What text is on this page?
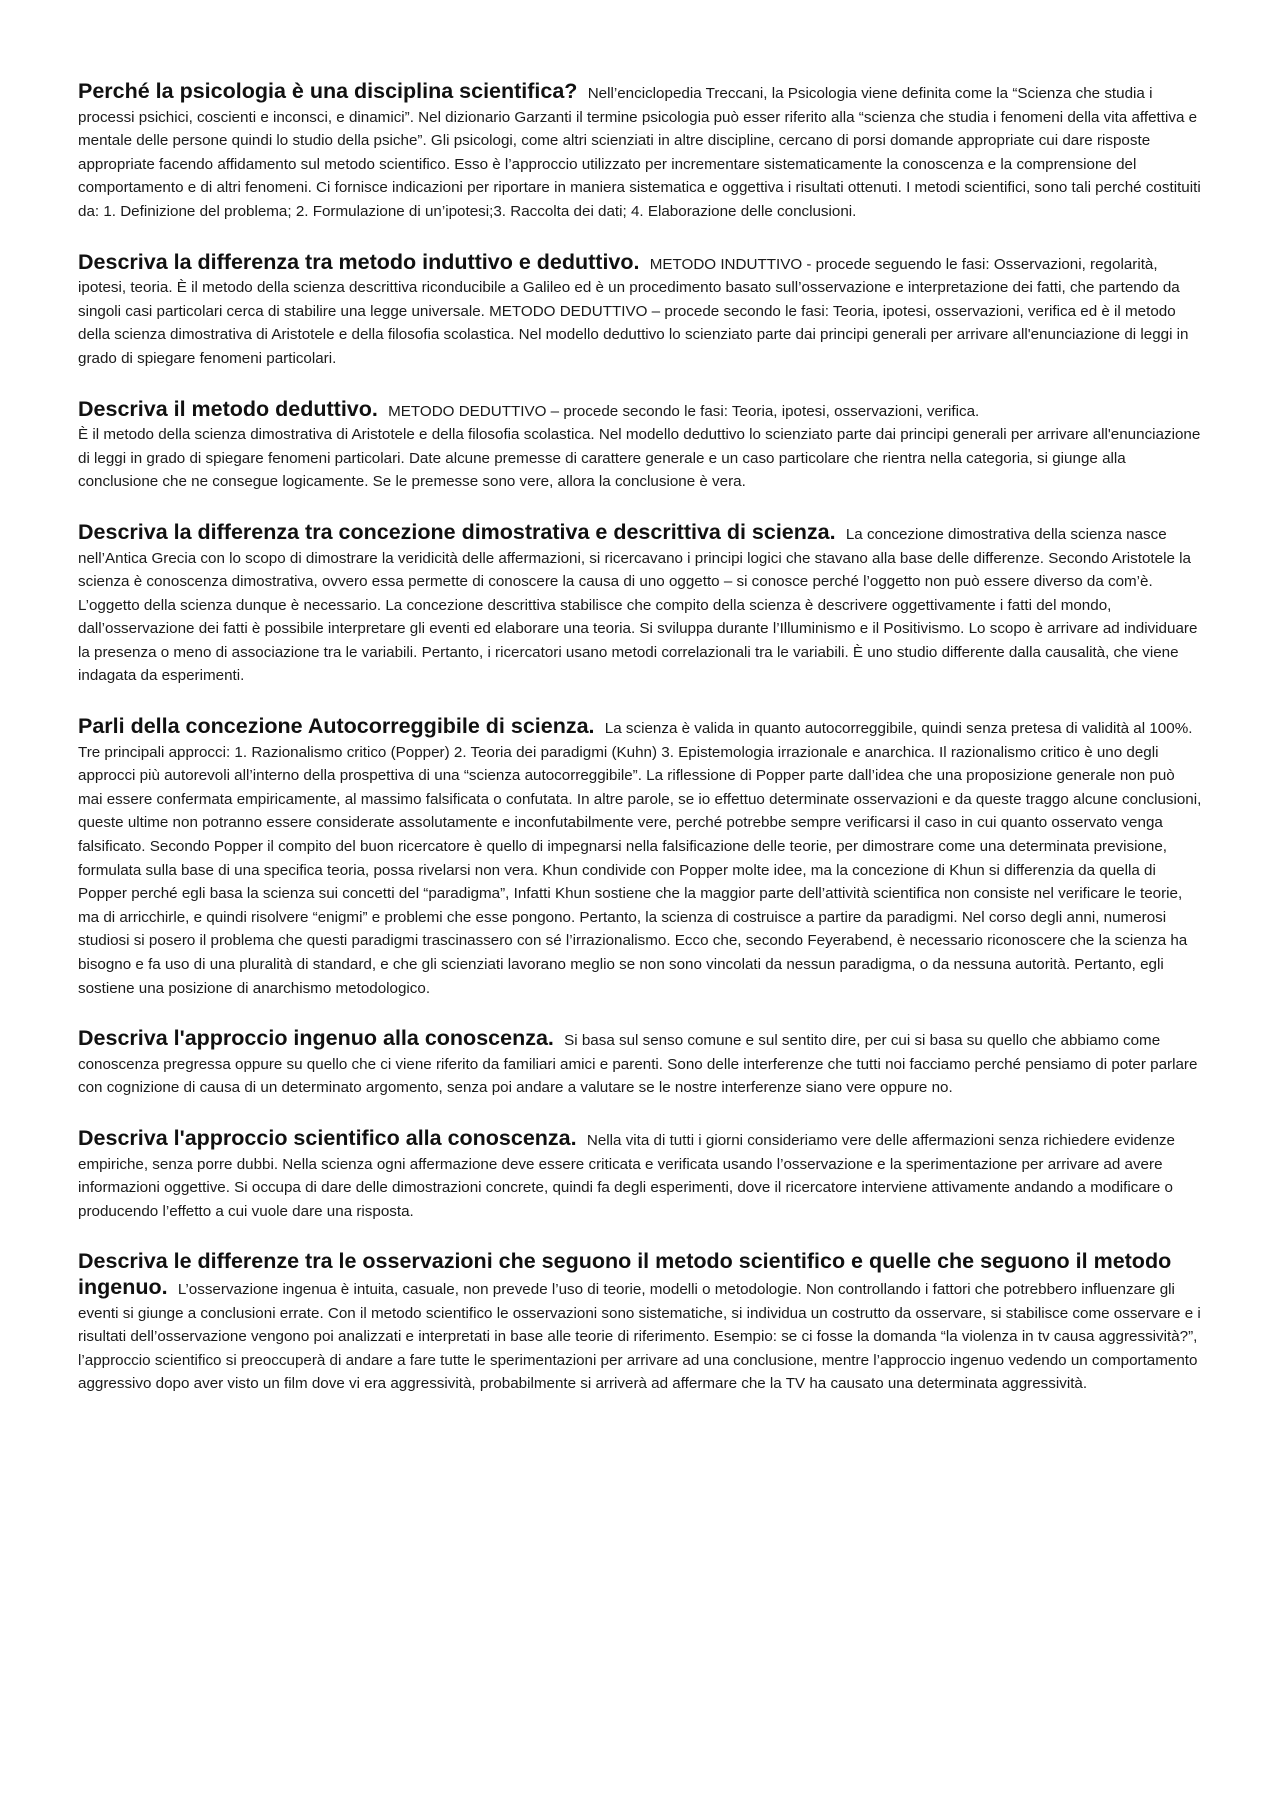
Perché la psicologia è una disciplina scientifica? Nell’enciclopedia Treccani, la Psicologia viene definita come la “Scienza che studia i processi psichici, coscienti e inconsci, e dinamici”. Nel dizionario Garzanti il termine psicologia può esser riferito alla “scienza che studia i fenomeni della vita affettiva e mentale delle persone quindi lo studio della psiche”. Gli psicologi, come altri scienziati in altre discipline, cercano di porsi domande appropriate cui dare risposte appropriate facendo affidamento sul metodo scientifico. Esso è l’approccio utilizzato per incrementare sistematicamente la conoscenza e la comprensione del comportamento e di altri fenomeni. Ci fornisce indicazioni per riportare in maniera sistematica e oggettiva i risultati ottenuti. I metodi scientifici, sono tali perché costituiti da: 1. Definizione del problema; 2. Formulazione di un’ipotesi;3. Raccolta dei dati; 4. Elaborazione delle conclusioni.

Descriva la differenza tra metodo induttivo e deduttivo. METODO INDUTTIVO - procede seguendo le fasi: Osservazioni, regolarità, ipotesi, teoria. È il metodo della scienza descrittiva riconducibile a Galileo ed è un procedimento basato sull’osservazione e interpretazione dei fatti, che partendo da singoli casi particolari cerca di stabilire una legge universale. METODO DEDUTTIVO – procede secondo le fasi: Teoria, ipotesi, osservazioni, verifica ed è il metodo della scienza dimostrativa di Aristotele e della filosofia scolastica. Nel modello deduttivo lo scienziato parte dai principi generali per arrivare all'enunciazione di leggi in grado di spiegare fenomeni particolari.

Descriva il metodo deduttivo. METODO DEDUTTIVO – procede secondo le fasi: Teoria, ipotesi, osservazioni, verifica.
È il metodo della scienza dimostrativa di Aristotele e della filosofia scolastica. Nel modello deduttivo lo scienziato parte dai principi generali per arrivare all'enunciazione di leggi in grado di spiegare fenomeni particolari. Date alcune premesse di carattere generale e un caso particolare che rientra nella categoria, si giunge alla conclusione che ne consegue logicamente. Se le premesse sono vere, allora la conclusione è vera.

Descriva la differenza tra concezione dimostrativa e descrittiva di scienza. La concezione dimostrativa della scienza nasce nell’Antica Grecia con lo scopo di dimostrare la veridicità delle affermazioni, si ricercavano i principi logici che stavano alla base delle differenze. Secondo Aristotele la scienza è conoscenza dimostrativa, ovvero essa permette di conoscere la causa di uno oggetto – si conosce perché l’oggetto non può essere diverso da com’è. L’oggetto della scienza dunque è necessario. La concezione descrittiva stabilisce che compito della scienza è descrivere oggettivamente i fatti del mondo, dall’osservazione dei fatti è possibile interpretare gli eventi ed elaborare una teoria. Si sviluppa durante l’Illuminismo e il Positivismo. Lo scopo è arrivare ad individuare la presenza o meno di associazione tra le variabili. Pertanto, i ricercatori usano metodi correlazionali tra le variabili. È uno studio differente dalla causalità, che viene indagata da esperimenti.

Parli della concezione Autocorreggibile di scienza. La scienza è valida in quanto autocorreggibile, quindi senza pretesa di validità al 100%. Tre principali approcci: 1. Razionalismo critico (Popper) 2. Teoria dei paradigmi (Kuhn) 3. Epistemologia irrazionale e anarchica. Il razionalismo critico è uno degli approcci più autorevoli all’interno della prospettiva di una “scienza autocorreggibile”. La riflessione di Popper parte dall’idea che una proposizione generale non può mai essere confermata empiricamente, al massimo falsificata o confutata. In altre parole, se io effettuo determinate osservazioni e da queste traggo alcune conclusioni, queste ultime non potranno essere considerate assolutamente e inconfutabilmente vere, perché potrebbe sempre verificarsi il caso in cui quanto osservato venga falsificato. Secondo Popper il compito del buon ricercatore è quello di impegnarsi nella falsificazione delle teorie, per dimostrare come una determinata previsione, formulata sulla base di una specifica teoria, possa rivelarsi non vera. Khun condivide con Popper molte idee, ma la concezione di Khun si differenzia da quella di Popper perché egli basa la scienza sui concetti del “paradigma”, Infatti Khun sostiene che la maggior parte dell’attività scientifica non consiste nel verificare le teorie, ma di arricchirle, e quindi risolvere “enigmi” e problemi che esse pongono. Pertanto, la scienza di costruisce a partire da paradigmi. Nel corso degli anni, numerosi studiosi si posero il problema che questi paradigmi trascinassero con sé l’irrazionalismo. Ecco che, secondo Feyerabend, è necessario riconoscere che la scienza ha bisogno e fa uso di una pluralità di standard, e che gli scienziati lavorano meglio se non sono vincolati da nessun paradigma, o da nessuna autorità. Pertanto, egli sostiene una posizione di anarchismo metodologico.

Descriva l'approccio ingenuo alla conoscenza. Si basa sul senso comune e sul sentito dire, per cui si basa su quello che abbiamo come conoscenza pregressa oppure su quello che ci viene riferito da familiari amici e parenti. Sono delle interferenze che tutti noi facciamo perché pensiamo di poter parlare con cognizione di causa di un determinato argomento, senza poi andare a valutare se le nostre interferenze siano vere oppure no.

Descriva l'approccio scientifico alla conoscenza. Nella vita di tutti i giorni consideriamo vere delle affermazioni senza richiedere evidenze empiriche, senza porre dubbi. Nella scienza ogni affermazione deve essere criticata e verificata usando l’osservazione e la sperimentazione per arrivare ad avere informazioni oggettive. Si occupa di dare delle dimostrazioni concrete, quindi fa degli esperimenti, dove il ricercatore interviene attivamente andando a modificare o producendo l’effetto a cui vuole dare una risposta.

Descriva le differenze tra le osservazioni che seguono il metodo scientifico e quelle che seguono il metodo ingenuo. L’osservazione ingenua è intuita, casuale, non prevede l’uso di teorie, modelli o metodologie. Non controllando i fattori che potrebbero influenzare gli eventi si giunge a conclusioni errate. Con il metodo scientifico le osservazioni sono sistematiche, si individua un costrutto da osservare, si stabilisce come osservare e i risultati dell’osservazione vengono poi analizzati e interpretati in base alle teorie di riferimento. Esempio: se ci fosse la domanda “la violenza in tv causa aggressività?”, l’approccio scientifico si preoccuperà di andare a fare tutte le sperimentazioni per arrivare ad una conclusione, mentre l’approccio ingenuo vedendo un comportamento aggressivo dopo aver visto un film dove vi era aggressività, probabilmente si arriverà ad affermare che la TV ha causato una determinata aggressività.
